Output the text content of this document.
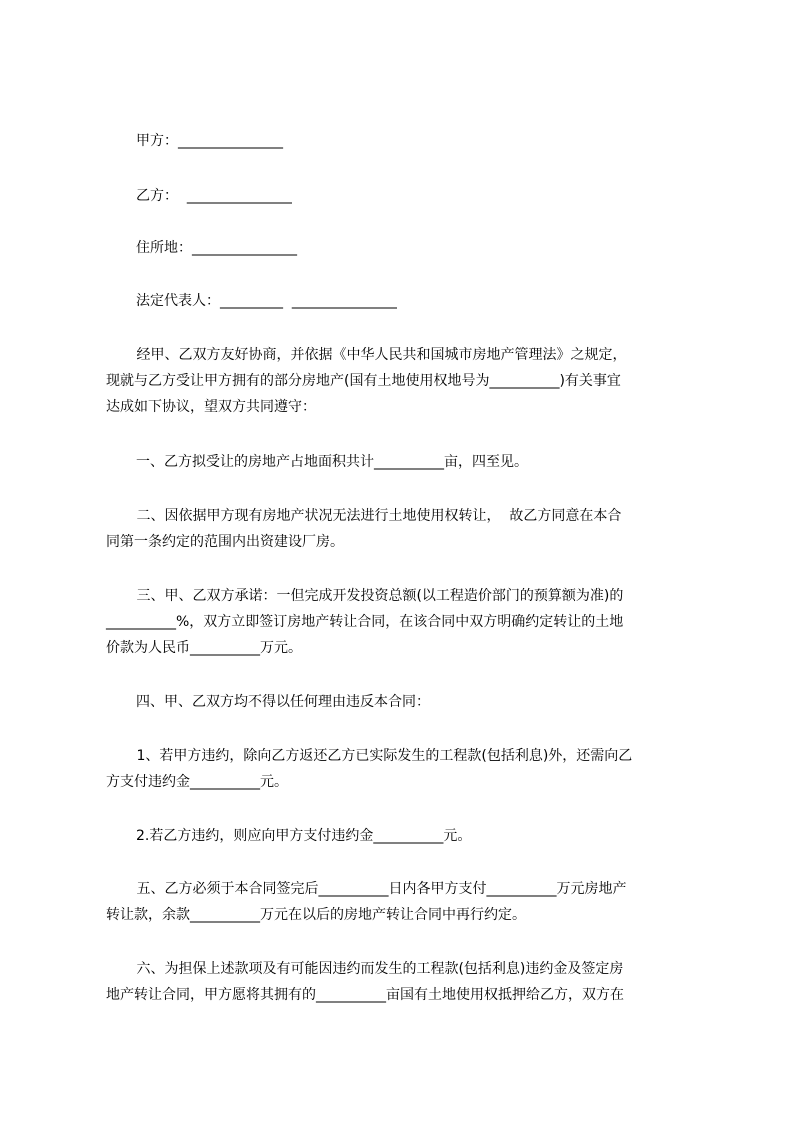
甲方：_______________
乙方：  _______________
住所地：_______________
法定代表人：_________  _______________
经甲、乙双方友好协商，并依据《中华人民共和国城市房地产管理法》之规定，
现就与乙方受让甲方拥有的部分房地产(国有土地使用权地号为__________)有关事宜
达成如下协议，望双方共同遵守：
一、乙方拟受让的房地产占地面积共计__________亩，四至见。
二、因依据甲方现有房地产状况无法进行土地使用权转让，  故乙方同意在本合
同第一条约定的范围内出资建设厂房。
三、甲、乙双方承诺：一但完成开发投资总额(以工程造价部门的预算额为准)的
__________%，双方立即签订房地产转让合同，在该合同中双方明确约定转让的土地
价款为人民币__________万元。
四、甲、乙双方均不得以任何理由违反本合同：
1、若甲方违约，除向乙方返还乙方已实际发生的工程款(包括利息)外，还需向乙
方支付违约金__________元。
2.若乙方违约，则应向甲方支付违约金__________元。
五、乙方必须于本合同签完后__________日内各甲方支付__________万元房地产
转让款，余款__________万元在以后的房地产转让合同中再行约定。
六、为担保上述款项及有可能因违约而发生的工程款(包括利息)违约金及签定房
地产转让合同，甲方愿将其拥有的__________亩国有土地使用权抵押给乙方，双方在
